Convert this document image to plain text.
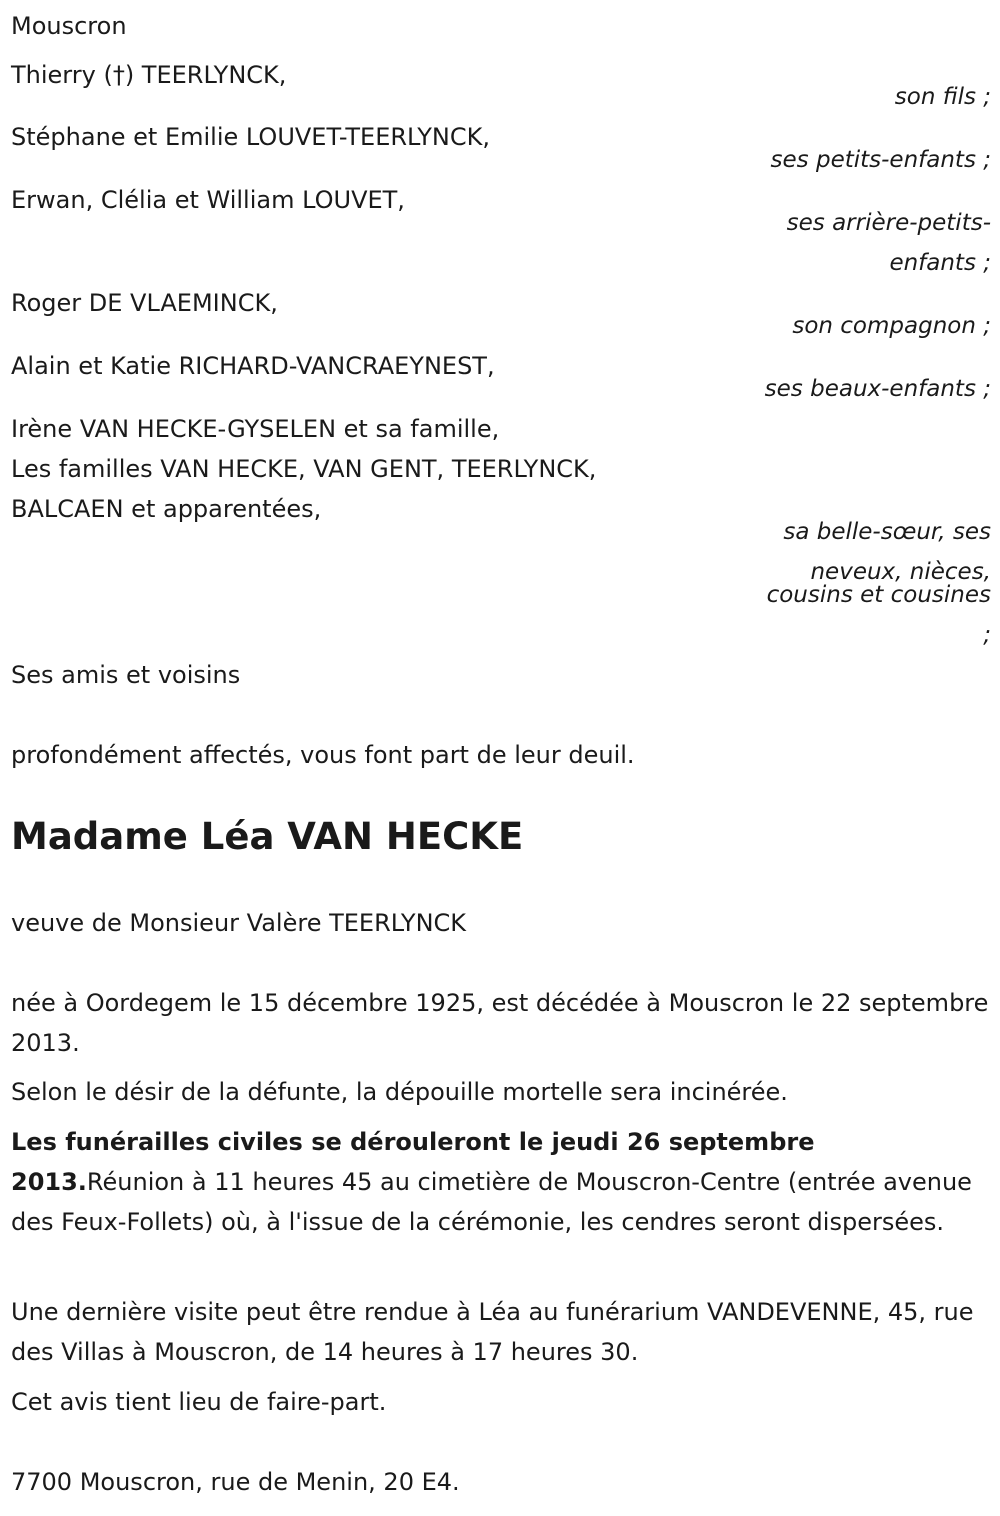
Mouscron

Thierry (†) TEERLYNCK,

son fils ;

Stéphane et Emilie LOUVET-TEERLYNCK,

ses petits-enfants ;

Erwan, Clélia et William LOUVET,

ses arrière-petits-

enfants ;

Roger DE VLAEMINCK,

son compagnon ;

Alain et Katie RICHARD-VANCRAEYNEST,

ses beaux-enfants ;

Irène VAN HECKE-GYSELEN et sa famille,

Les familles VAN HECKE, VAN GENT, TEERLYNCK,

BALCAEN et apparentées,

sa belle-sœur, ses

neveux, nièces,

cousins et cousines

;

Ses amis et voisins

profondément affectés, vous font part de leur deuil.

Madame Léa VAN HECKE

veuve de Monsieur Valère TEERLYNCK

née à Oordegem le 15 décembre 1925, est décédée à Mouscron le 22 septembre 2013.

Selon le désir de la défunte, la dépouille mortelle sera incinérée.

Les funérailles civiles se dérouleront le jeudi 26 septembre 2013.Réunion à 11 heures 45 au cimetière de Mouscron-Centre (entrée avenue des Feux-Follets) où, à l'issue de la cérémonie, les cendres seront dispersées.

Une dernière visite peut être rendue à Léa au funérarium VANDEVENNE, 45, rue des Villas à Mouscron, de 14 heures à 17 heures 30.

Cet avis tient lieu de faire-part.

7700 Mouscron, rue de Menin, 20 E4.
